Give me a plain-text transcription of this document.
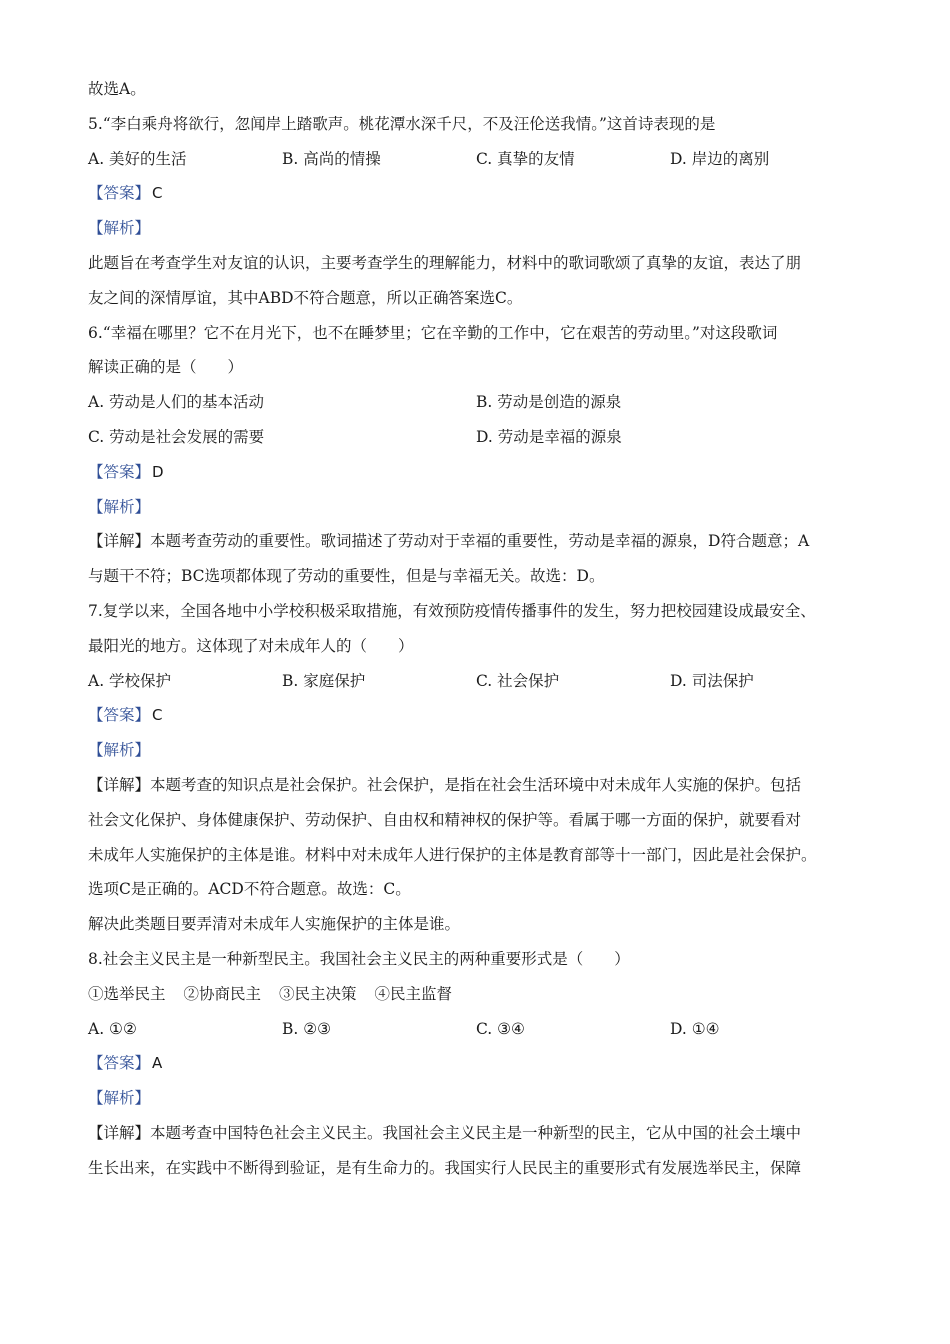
故选A。
5.“李白乘舟将欲行，忽闻岸上踏歌声。桃花潭水深千尺，不及汪伦送我情。”这首诗表现的是
A. 美好的生活	B. 高尚的情操	C. 真挚的友情	D. 岸边的离别
【答案】 C
【解析】
此题旨在考查学生对友谊的认识，主要考查学生的理解能力，材料中的歌词歌颂了真挚的友谊，表达了朋
友之间的深情厚谊，其中ABD不符合题意，所以正确答案选C。
6.“幸福在哪里？它不在月光下，也不在睡梦里；它在辛勤的工作中，它在艰苦的劳动里。”对这段歌词
解读正确的是（　　）
A. 劳动是人们的基本活动	B. 劳动是创造的源泉
C. 劳动是社会发展的需要	D. 劳动是幸福的源泉
【答案】 D
【解析】
【详解】本题考查劳动的重要性。歌词描述了劳动对于幸福的重要性，劳动是幸福的源泉，D符合题意；A
与题干不符；BC选项都体现了劳动的重要性，但是与幸福无关。故选：D。
7.复学以来，全国各地中小学校积极采取措施，有效预防疫情传播事件的发生，努力把校园建设成最安全、
最阳光的地方。这体现了对未成年人的（　　）
A. 学校保护	B. 家庭保护	C. 社会保护	D. 司法保护
【答案】 C
【解析】
【详解】本题考查的知识点是社会保护。社会保护，是指在社会生活环境中对未成年人实施的保护。包括
社会文化保护、身体健康保护、劳动保护、自由权和精神权的保护等。看属于哪一方面的保护，就要看对
未成年人实施保护的主体是谁。材料中对未成年人进行保护的主体是教育部等十一部门，因此是社会保护。
选项C是正确的。ACD不符合题意。故选：C。
解决此类题目要弄清对未成年人实施保护的主体是谁。
8.社会主义民主是一种新型民主。我国社会主义民主的两种重要形式是（　　）
①选举民主 ②协商民主 ③民主决策 ④民主监督
A. ①②	B. ②③	C. ③④	D. ①④
【答案】 A
【解析】
【详解】本题考查中国特色社会主义民主。我国社会主义民主是一种新型的民主，它从中国的社会土壤中
生长出来，在实践中不断得到验证，是有生命力的。我国实行人民民主的重要形式有发展选举民主，保障
